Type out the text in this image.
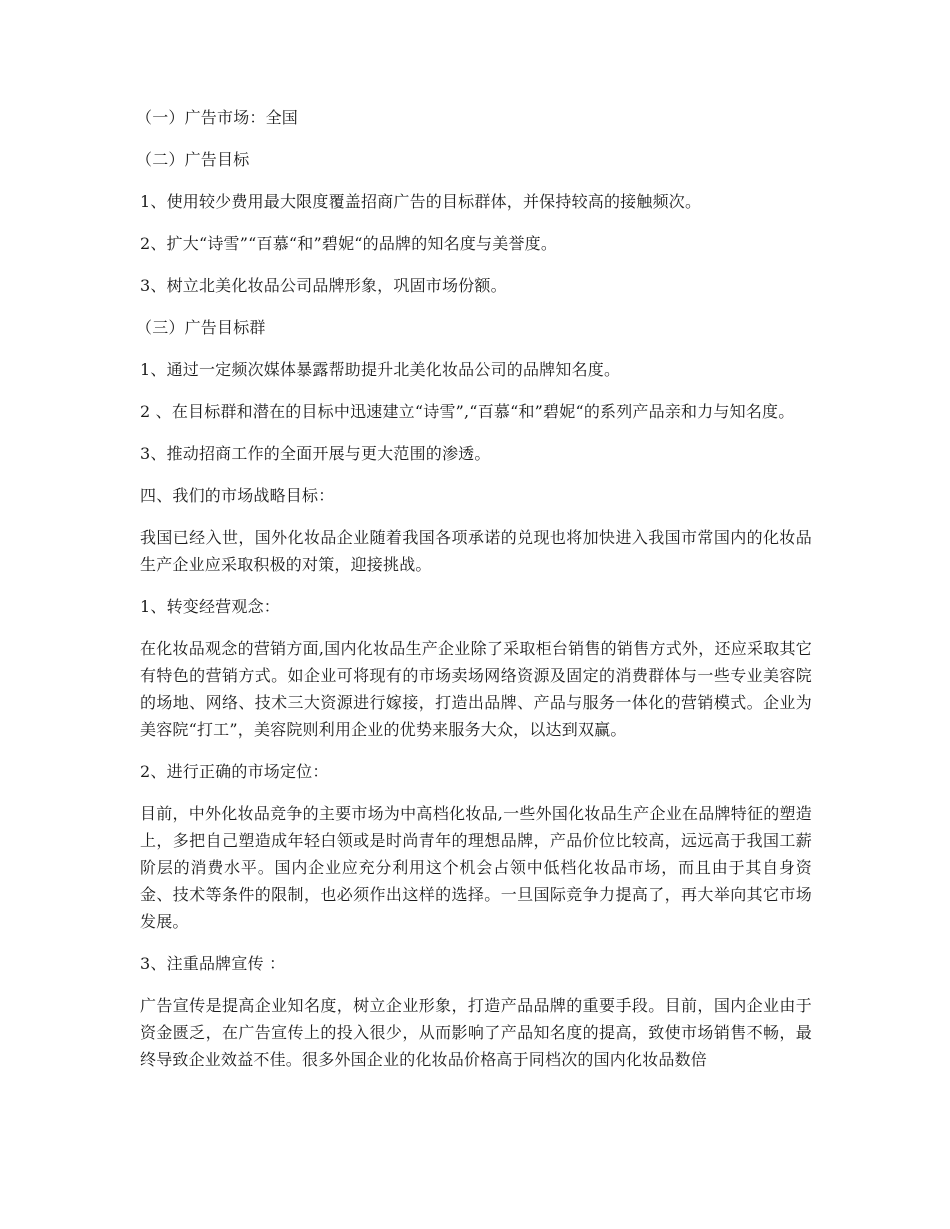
（一）广告市场：全国

（二）广告目标

1、使用较少费用最大限度覆盖招商广告的目标群体，并保持较高的接触频次。

2、扩大“诗雪”“百慕“和”碧妮“的品牌的知名度与美誉度。

3、树立北美化妆品公司品牌形象，巩固市场份额。

（三）广告目标群

1、通过一定频次媒体暴露帮助提升北美化妆品公司的品牌知名度。

2 、在目标群和潜在的目标中迅速建立“诗雪”,“百慕“和”碧妮“的系列产品亲和力与知名度。

3、推动招商工作的全面开展与更大范围的渗透。

四、我们的市场战略目标：

我国已经入世，国外化妆品企业随着我国各项承诺的兑现也将加快进入我国市常国内的化妆品生产企业应采取积极的对策，迎接挑战。

1、转变经营观念：

在化妆品观念的营销方面,国内化妆品生产企业除了采取柜台销售的销售方式外，还应采取其它有特色的营销方式。如企业可将现有的市场卖场网络资源及固定的消费群体与一些专业美容院的场地、网络、技术三大资源进行嫁接，打造出品牌、产品与服务一体化的营销模式。企业为美容院“打工”，美容院则利用企业的优势来服务大众，以达到双赢。

2、进行正确的市场定位：

目前，中外化妆品竞争的主要市场为中高档化妆品,一些外国化妆品生产企业在品牌特征的塑造上，多把自己塑造成年轻白领或是时尚青年的理想品牌，产品价位比较高，远远高于我国工薪阶层的消费水平。国内企业应充分利用这个机会占领中低档化妆品市场，而且由于其自身资金、技术等条件的限制，也必须作出这样的选择。一旦国际竞争力提高了，再大举向其它市场发展。

3、注重品牌宣传 ：

广告宣传是提高企业知名度，树立企业形象，打造产品品牌的重要手段。目前，国内企业由于资金匮乏，在广告宣传上的投入很少，从而影响了产品知名度的提高，致使市场销售不畅，最终导致企业效益不佳。很多外国企业的化妆品价格高于同档次的国内化妆品数倍
